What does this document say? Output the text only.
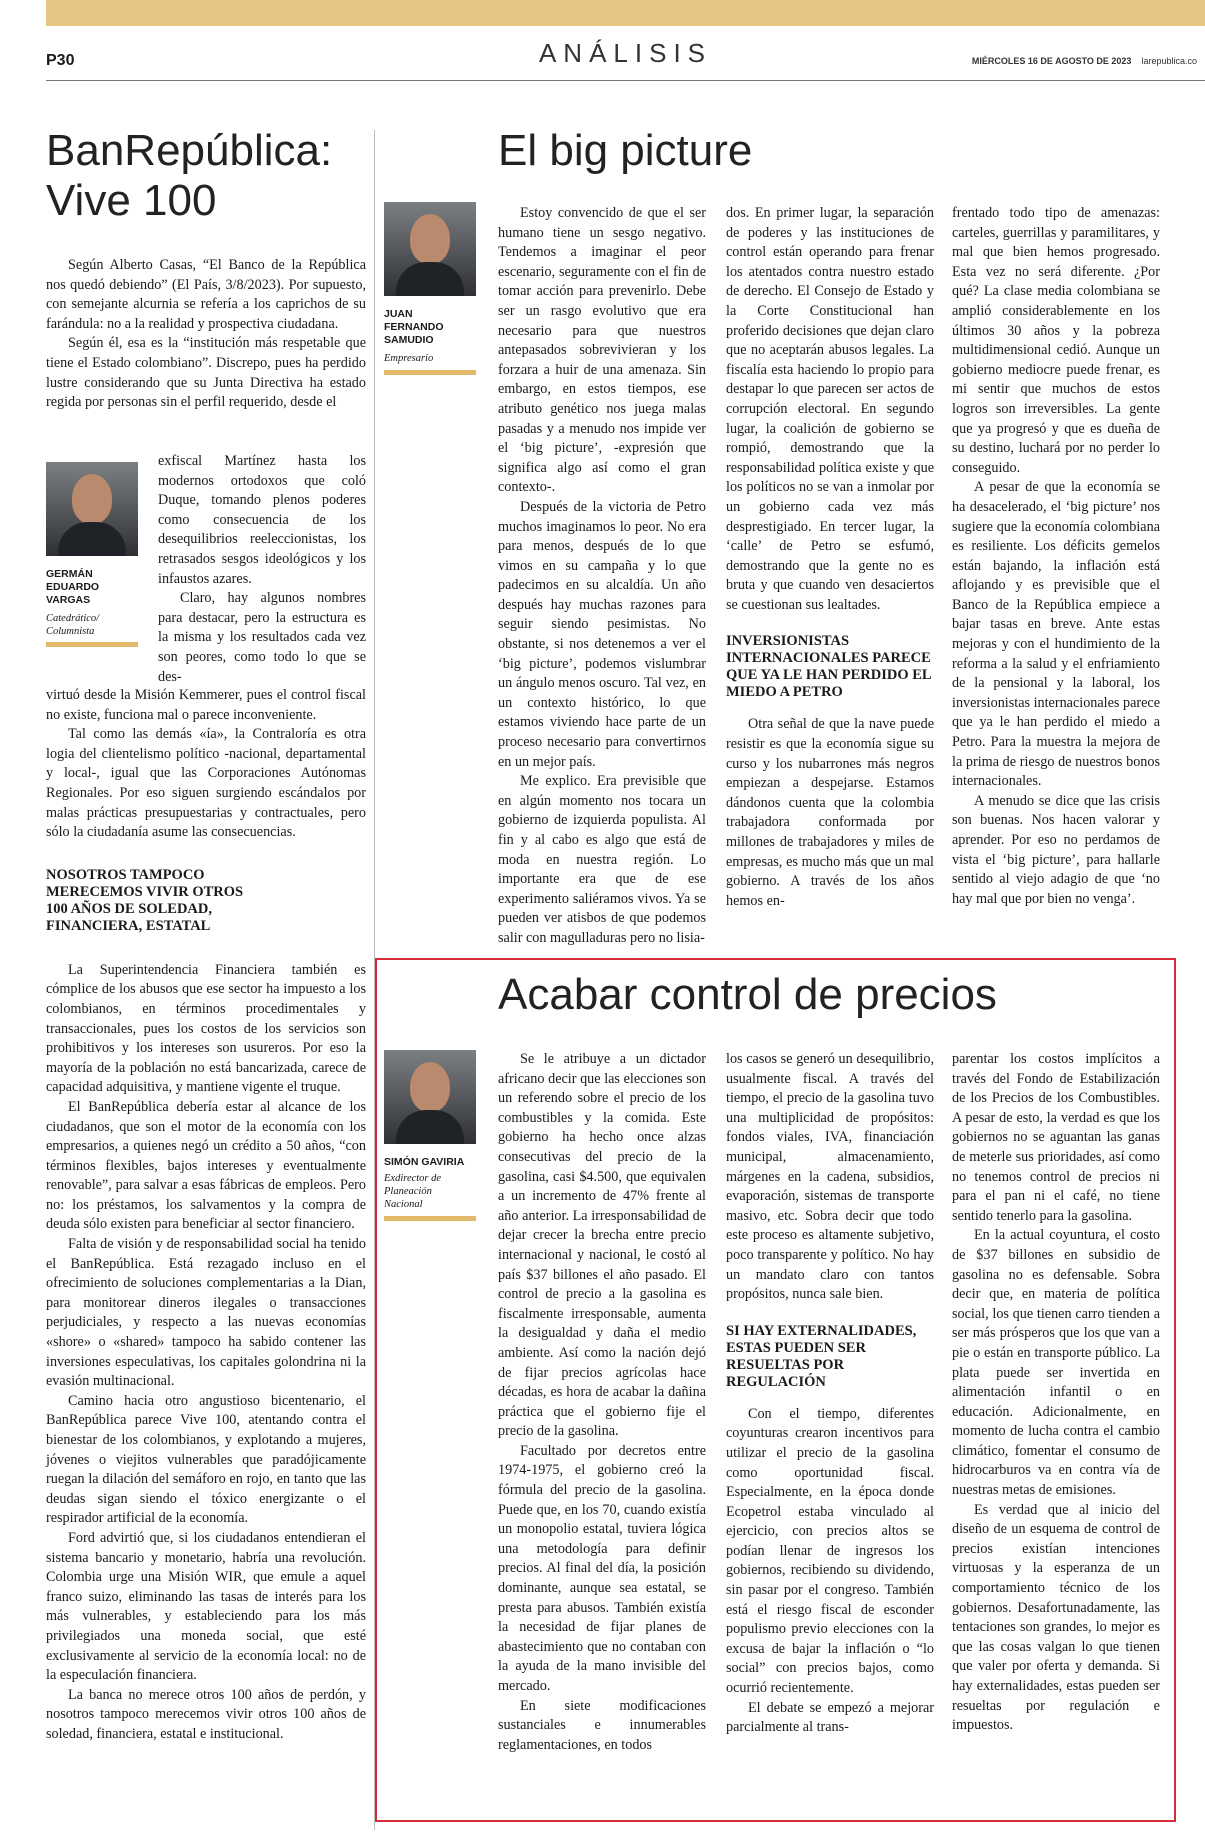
P30	ANÁLISIS	MIÉRCOLES 16 DE AGOSTO DE 2023 larepublica.co
BanRepública:
Vive 100

Según Alberto Casas, “El Banco de la República nos quedó debiendo” (El País, 3/8/2023). Por supuesto, con semejante alcurnia se refería a los caprichos de su farándula: no a la realidad y prospectiva ciudadana.

Según él, esa es la “institución más respetable que tiene el Estado colombiano”. Discrepo, pues ha perdido lustre considerando que su Junta Directiva ha estado regida por personas sin el perfil requerido, desde el

GERMÁN
EDUARDO
VARGAS
Catedrático/
Columnista

exfiscal Martínez hasta los modernos ortodoxos que coló Duque, tomando plenos poderes como consecuencia de los desequilibrios reeleccionistas, los retrasados sesgos ideológicos y los infaustos azares.

Claro, hay algunos nombres para destacar, pero la estructura es la misma y los resultados cada vez son peores, como todo lo que se des-

virtuó desde la Misión Kemmerer, pues el control fiscal no existe, funciona mal o parece inconveniente.

Tal como las demás «ía», la Contraloría es otra logia del clientelismo político -nacional, departamental y local-, igual que las Corporaciones Autónomas Regionales. Por eso siguen surgiendo escándalos por malas prácticas presupuestarias y contractuales, pero sólo la ciudadanía asume las consecuencias.

NOSOTROS TAMPOCO MERECEMOS VIVIR OTROS 100 AÑOS DE SOLEDAD, FINANCIERA, ESTATAL

La Superintendencia Financiera también es cómplice de los abusos que ese sector ha impuesto a los colombianos, en términos procedimentales y transaccionales, pues los costos de los servicios son prohibitivos y los intereses son usureros. Por eso la mayoría de la población no está bancarizada, carece de capacidad adquisitiva, y mantiene vigente el truque.

El BanRepública debería estar al alcance de los ciudadanos, que son el motor de la economía con los empresarios, a quienes negó un crédito a 50 años, “con términos flexibles, bajos intereses y eventualmente renovable”, para salvar a esas fábricas de empleos. Pero no: los préstamos, los salvamentos y la compra de deuda sólo existen para beneficiar al sector financiero.

Falta de visión y de responsabilidad social ha tenido el BanRepública. Está rezagado incluso en el ofrecimiento de soluciones complementarias a la Dian, para monitorear dineros ilegales o transacciones perjudiciales, y respecto a las nuevas economías «shore» o «shared» tampoco ha sabido contener las inversiones especulativas, los capitales golondrina ni la evasión multinacional.

Camino hacia otro angustioso bicentenario, el BanRepública parece Vive 100, atentando contra el bienestar de los colombianos, y explotando a mujeres, jóvenes o viejitos vulnerables que paradójicamente ruegan la dilación del semáforo en rojo, en tanto que las deudas sigan siendo el tóxico energizante o el respirador artificial de la economía.

Ford advirtió que, si los ciudadanos entendieran el sistema bancario y monetario, habría una revolución. Colombia urge una Misión WIR, que emule a aquel franco suizo, eliminando las tasas de interés para los más vulnerables, y estableciendo para los más privilegiados una moneda social, que esté exclusivamente al servicio de la economía local: no de la especulación financiera.

La banca no merece otros 100 años de perdón, y nosotros tampoco merecemos vivir otros 100 años de soledad, financiera, estatal e institucional.

El big picture
JUAN
FERNANDO
SAMUDIO
Empresario

Estoy convencido de que el ser humano tiene un sesgo negativo. Tendemos a imaginar el peor escenario, seguramente con el fin de tomar acción para prevenirlo. Debe ser un rasgo evolutivo que era necesario para que nuestros antepasados sobrevivieran y los forzara a huir de una amenaza. Sin embargo, en estos tiempos, ese atributo genético nos juega malas pasadas y a menudo nos impide ver el ‘big picture’, -expresión que significa algo así como el gran contexto-.

Después de la victoria de Petro muchos imaginamos lo peor. No era para menos, después de lo que vimos en su campaña y lo que padecimos en su alcaldía. Un año después hay muchas razones para seguir siendo pesimistas. No obstante, si nos detenemos a ver el ‘big picture’, podemos vislumbrar un ángulo menos oscuro. Tal vez, en un contexto histórico, lo que estamos viviendo hace parte de un proceso necesario para convertirnos en un mejor país.

Me explico. Era previsible que en algún momento nos tocara un gobierno de izquierda populista. Al fin y al cabo es algo que está de moda en nuestra región. Lo importante era que de ese experimento saliéramos vivos. Ya se pueden ver atisbos de que podemos salir con magulladuras pero no lisia-

dos. En primer lugar, la separación de poderes y las instituciones de control están operando para frenar los atentados contra nuestro estado de derecho. El Consejo de Estado y la Corte Constitucional han proferido decisiones que dejan claro que no aceptarán abusos legales. La fiscalía esta haciendo lo propio para destapar lo que parecen ser actos de corrupción electoral. En segundo lugar, la coalición de gobierno se rompió, demostrando que la responsabilidad política existe y que los políticos no se van a inmolar por un gobierno cada vez más desprestigiado. En tercer lugar, la ‘calle’ de Petro se esfumó, demostrando que la gente no es bruta y que cuando ven desaciertos se cuestionan sus lealtades.

INVERSIONISTAS INTERNACIONALES PARECE QUE YA LE HAN PERDIDO EL MIEDO A PETRO

Otra señal de que la nave puede resistir es que la economía sigue su curso y los nubarrones más negros empiezan a despejarse. Estamos dándonos cuenta que la colombia trabajadora conformada por millones de trabajadores y miles de empresas, es mucho más que un mal gobierno. A través de los años hemos en-

frentado todo tipo de amenazas: carteles, guerrillas y paramilitares, y mal que bien hemos progresado. Esta vez no será diferente. ¿Por qué? La clase media colombiana se amplió considerablemente en los últimos 30 años y la pobreza multidimensional cedió. Aunque un gobierno mediocre puede frenar, es mi sentir que muchos de estos logros son irreversibles. La gente que ya progresó y que es dueña de su destino, luchará por no perder lo conseguido.

A pesar de que la economía se ha desacelerado, el ‘big picture’ nos sugiere que la economía colombiana es resiliente. Los déficits gemelos están bajando, la inflación está aflojando y es previsible que el Banco de la República empiece a bajar tasas en breve. Ante estas mejoras y con el hundimiento de la reforma a la salud y el enfriamiento de la pensional y la laboral, los inversionistas internacionales parece que ya le han perdido el miedo a Petro. Para la muestra la mejora de la prima de riesgo de nuestros bonos internacionales.

A menudo se dice que las crisis son buenas. Nos hacen valorar y aprender. Por eso no perdamos de vista el ‘big picture’, para hallarle sentido al viejo adagio de que ‘no hay mal que por bien no venga’.

Acabar control de precios
SIMÓN GAVIRIA
Exdirector de
Planeación
Nacional

Se le atribuye a un dictador africano decir que las elecciones son un referendo sobre el precio de los combustibles y la comida. Este gobierno ha hecho once alzas consecutivas del precio de la gasolina, casi $4.500, que equivalen a un incremento de 47% frente al año anterior. La irresponsabilidad de dejar crecer la brecha entre precio internacional y nacional, le costó al país $37 billones el año pasado. El control de precio a la gasolina es fiscalmente irresponsable, aumenta la desigualdad y daña el medio ambiente. Así como la nación dejó de fijar precios agrícolas hace décadas, es hora de acabar la dañina práctica que el gobierno fije el precio de la gasolina.

Facultado por decretos entre 1974-1975, el gobierno creó la fórmula del precio de la gasolina. Puede que, en los 70, cuando existía un monopolio estatal, tuviera lógica una metodología para definir precios. Al final del día, la posición dominante, aunque sea estatal, se presta para abusos. También existía la necesidad de fijar planes de abastecimiento que no contaban con la ayuda de la mano invisible del mercado.

En siete modificaciones sustanciales e innumerables reglamentaciones, en todos

los casos se generó un desequilibrio, usualmente fiscal. A través del tiempo, el precio de la gasolina tuvo una multiplicidad de propósitos: fondos viales, IVA, financiación municipal, almacenamiento, márgenes en la cadena, subsidios, evaporación, sistemas de transporte masivo, etc. Sobra decir que todo este proceso es altamente subjetivo, poco transparente y político. No hay un mandato claro con tantos propósitos, nunca sale bien.

SI HAY EXTERNALIDADES, ESTAS PUEDEN SER RESUELTAS POR REGULACIÓN

Con el tiempo, diferentes coyunturas crearon incentivos para utilizar el precio de la gasolina como oportunidad fiscal. Especialmente, en la época donde Ecopetrol estaba vinculado al ejercicio, con precios altos se podían llenar de ingresos los gobiernos, recibiendo su dividendo, sin pasar por el congreso. También está el riesgo fiscal de esconder populismo previo elecciones con la excusa de bajar la inflación o “lo social” con precios bajos, como ocurrió recientemente.

El debate se empezó a mejorar parcialmente al trans-

parentar los costos implícitos a través del Fondo de Estabilización de los Precios de los Combustibles. A pesar de esto, la verdad es que los gobiernos no se aguantan las ganas de meterle sus prioridades, así como no tenemos control de precios ni para el pan ni el café, no tiene sentido tenerlo para la gasolina.

En la actual coyuntura, el costo de $37 billones en subsidio de gasolina no es defensable. Sobra decir que, en materia de política social, los que tienen carro tienden a ser más prósperos que los que van a pie o están en transporte público. La plata puede ser invertida en alimentación infantil o en educación. Adicionalmente, en momento de lucha contra el cambio climático, fomentar el consumo de hidrocarburos va en contra vía de nuestras metas de emisiones.

Es verdad que al inicio del diseño de un esquema de control de precios existían intenciones virtuosas y la esperanza de un comportamiento técnico de los gobiernos. Desafortunadamente, las tentaciones son grandes, lo mejor es que las cosas valgan lo que tienen que valer por oferta y demanda. Si hay externalidades, estas pueden ser resueltas por regulación e impuestos.
